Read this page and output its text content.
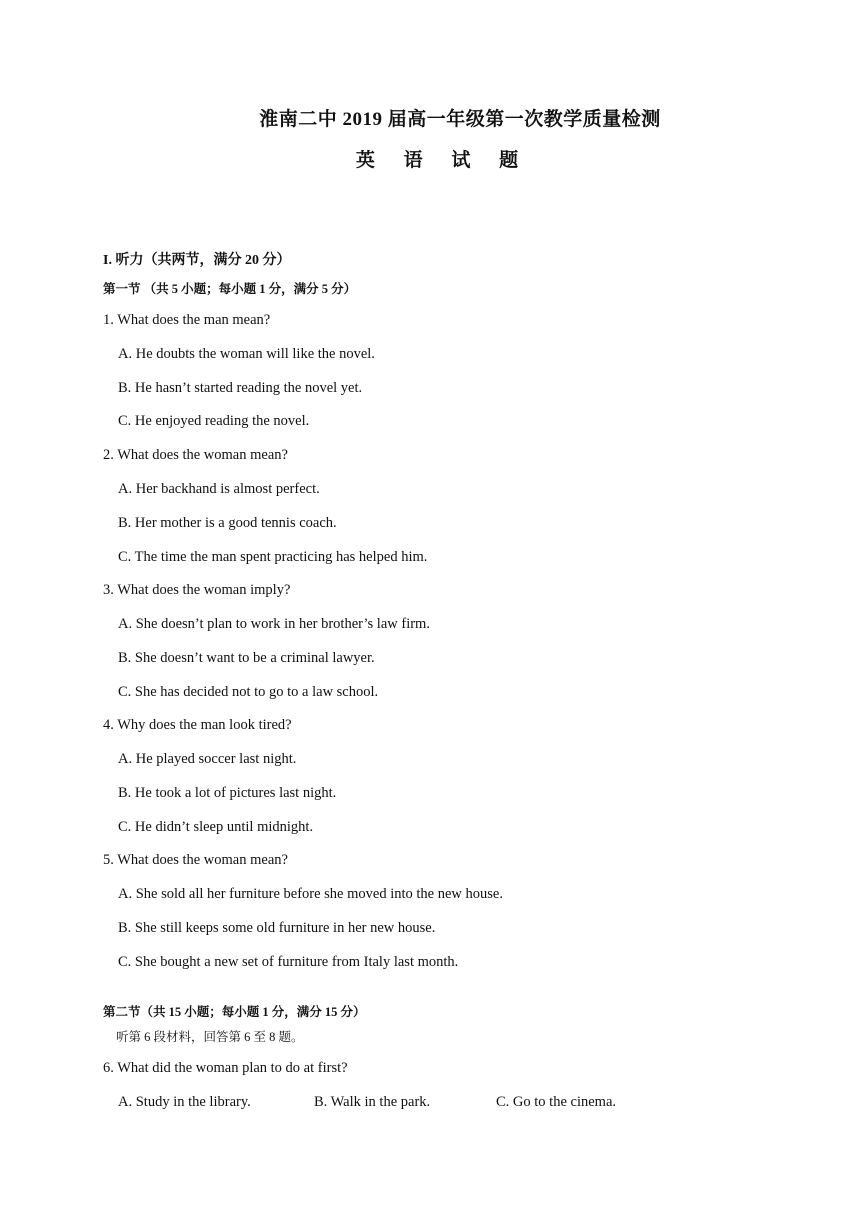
淮南二中 2019 届高一年级第一次教学质量检测
英 语 试 题
I. 听力（共两节，满分 20 分）
第一节 （共 5 小题；每小题 1 分，满分 5 分）
1. What does the man mean?
A. He doubts the woman will like the novel.
B. He hasn’t started reading the novel yet.
C. He enjoyed reading the novel.
2. What does the woman mean?
A. Her backhand is almost perfect.
B. Her mother is a good tennis coach.
C. The time the man spent practicing has helped him.
3. What does the woman imply?
A. She doesn’t plan to work in her brother’s law firm.
B. She doesn’t want to be a criminal lawyer.
C. She has decided not to go to a law school.
4. Why does the man look tired?
A. He played soccer last night.
B. He took a lot of pictures last night.
C. He didn’t sleep until midnight.
5. What does the woman mean?
A. She sold all her furniture before she moved into the new house.
B. She still keeps some old furniture in her new house.
C. She bought a new set of furniture from Italy last month.
第二节（共 15 小题；每小题 1 分，满分 15 分）
听第 6 段材料，回答第 6 至 8 题。
6. What did the woman plan to do at first?
A. Study in the library.	B. Walk in the park.	C. Go to the cinema.
